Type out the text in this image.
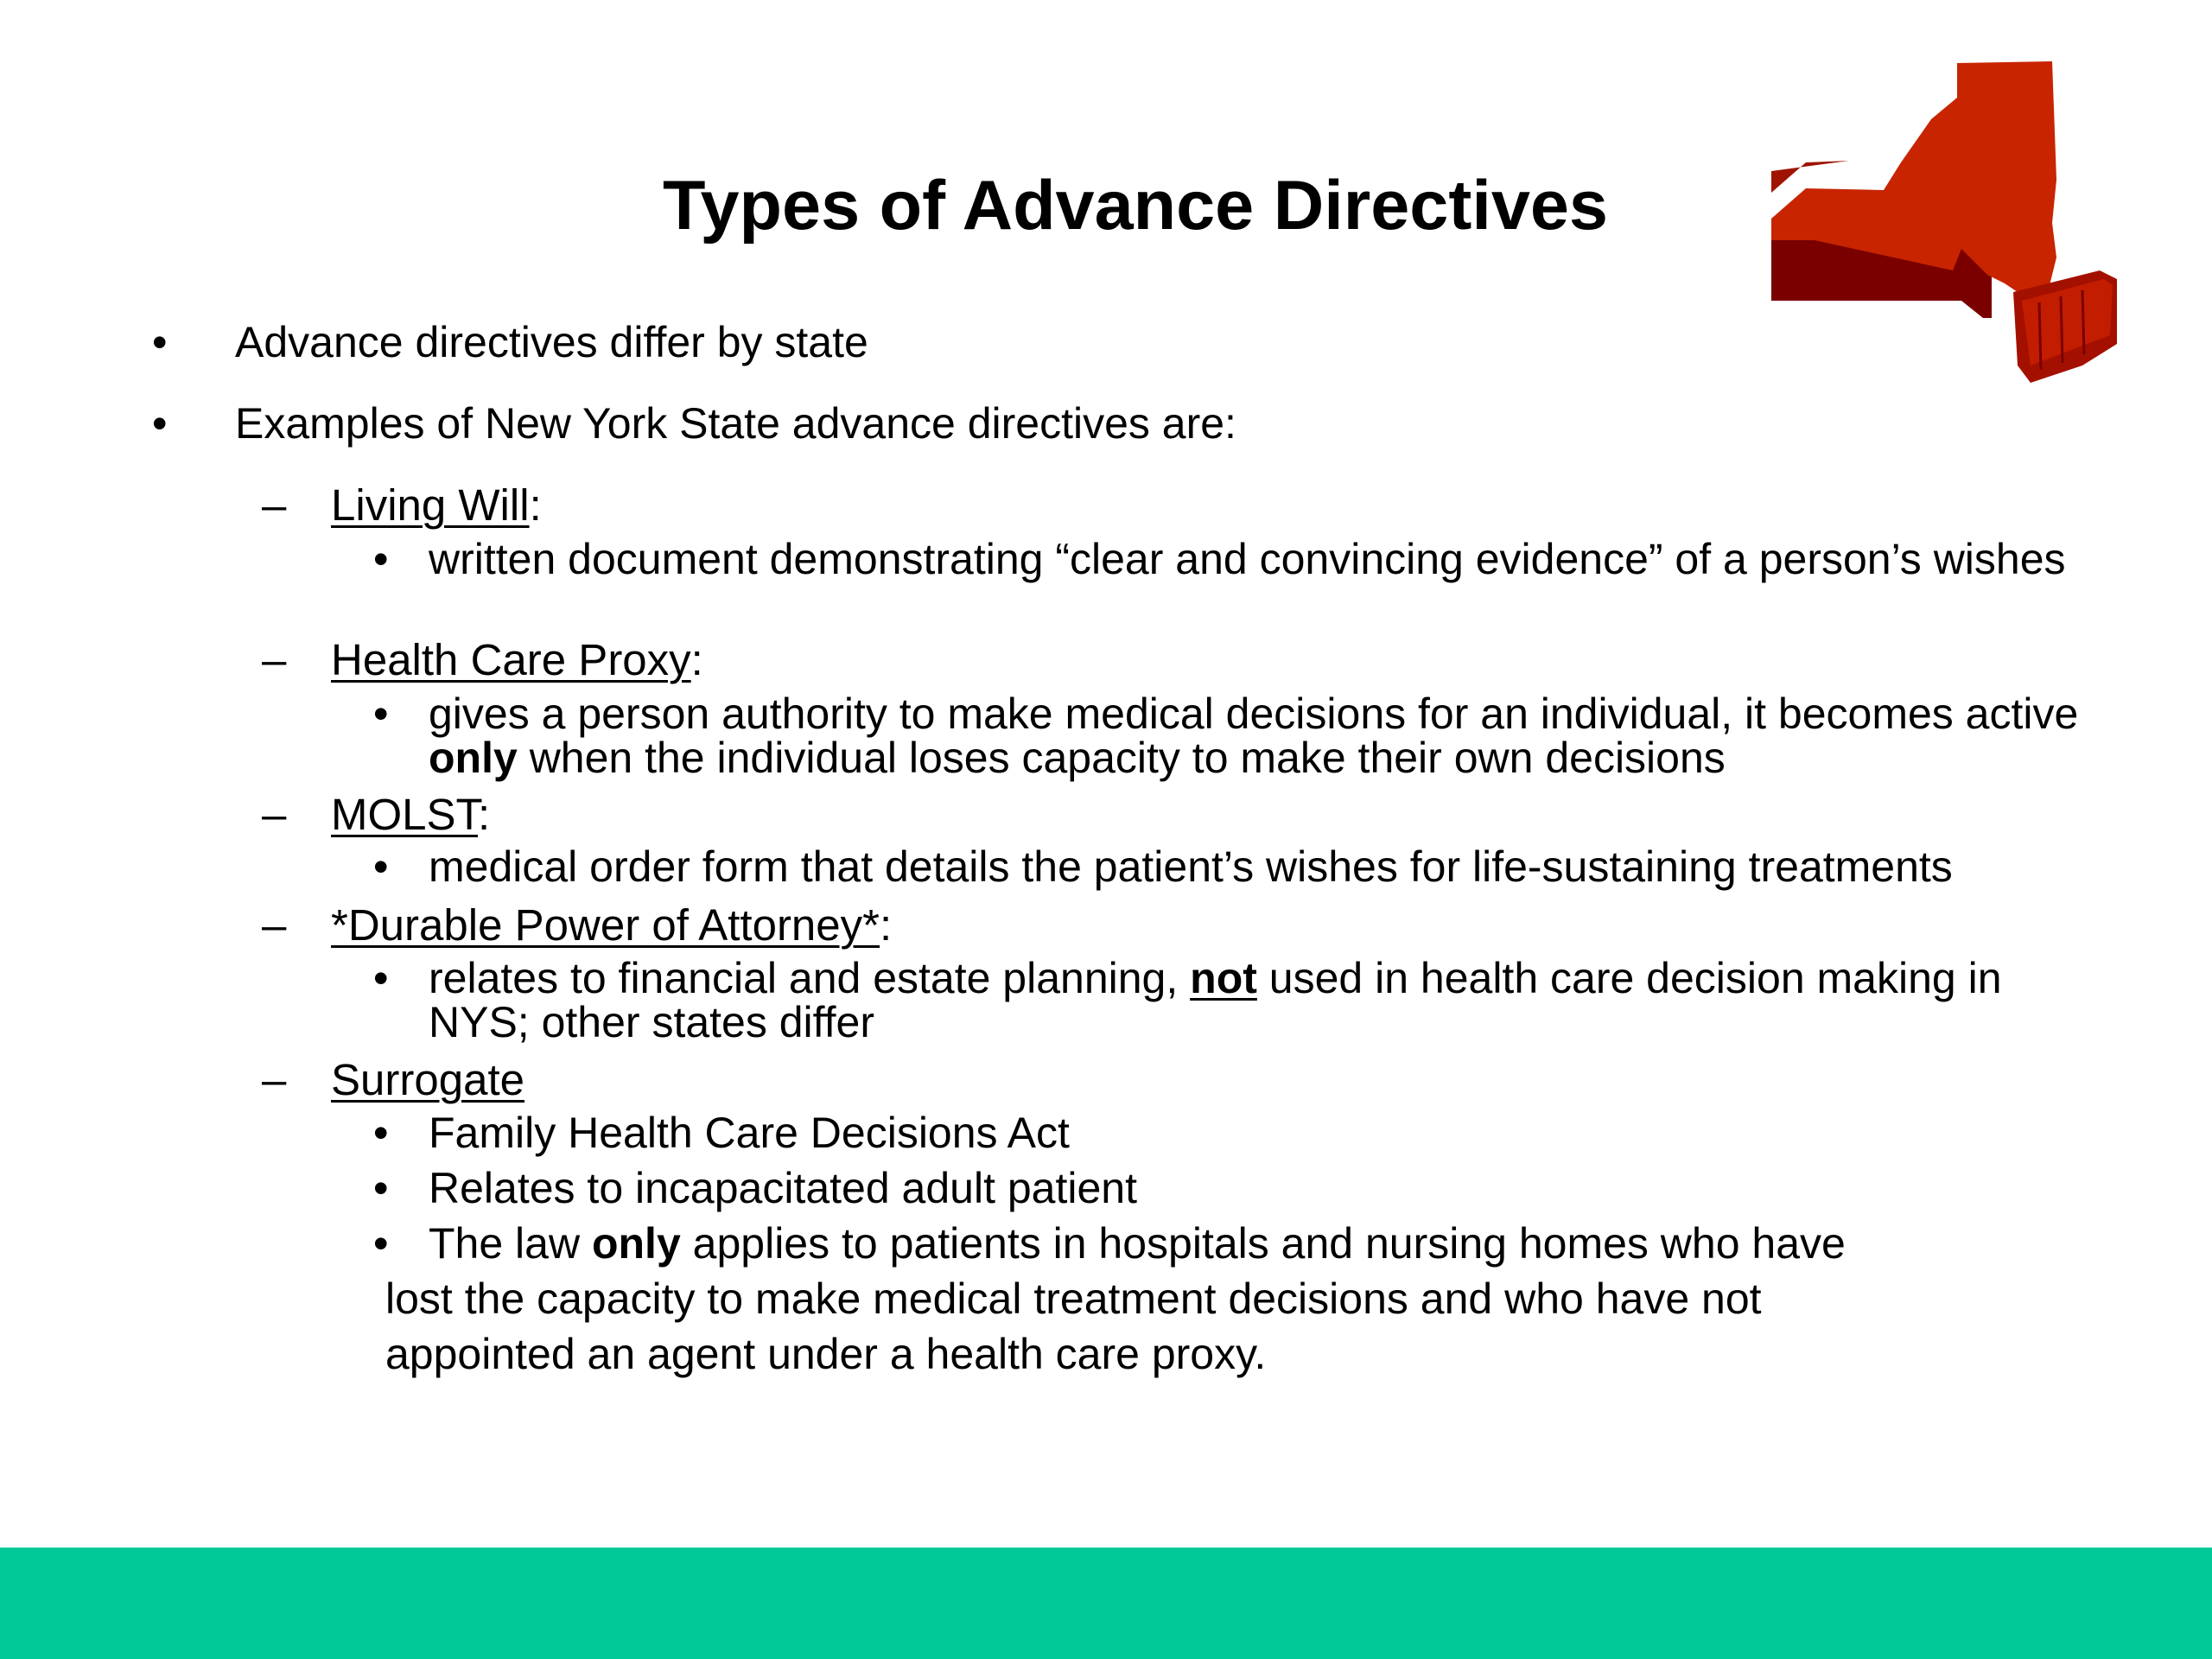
Types of Advance Directives
• Advance directives differ by state
• Examples of New York State advance directives are:
– Living Will:
• written document demonstrating “clear and convincing evidence” of a person’s wishes
– Health Care Proxy:
• gives a person authority to make medical decisions for an individual, it becomes active only when the individual loses capacity to make their own decisions
– MOLST:
• medical order form that details the patient’s wishes for life-sustaining treatments
– *Durable Power of Attorney*:
• relates to financial and estate planning, not used in health care decision making in NYS; other states differ
– Surrogate
• Family Health Care Decisions Act
• Relates to incapacitated adult patient
• The law only applies to patients in hospitals and nursing homes who have
lost the capacity to make medical treatment decisions and who have not
appointed an agent under a health care proxy.
